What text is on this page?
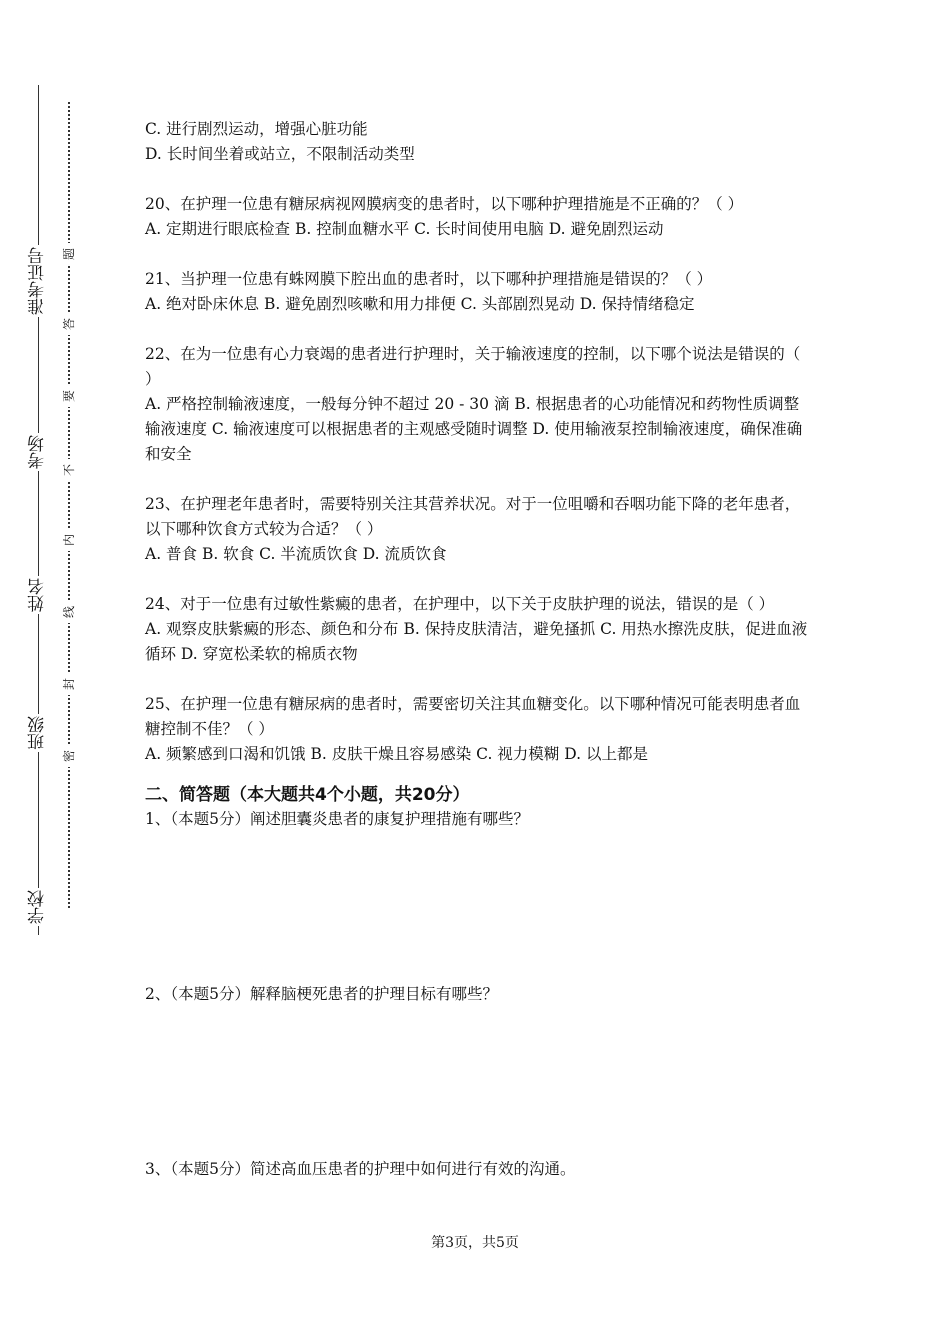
准考证号
考场
姓名
班级
学校
题
答
要
不
内
线
封
密
C. 进行剧烈运动，增强心脏功能
D. 长时间坐着或站立，不限制活动类型

20、在护理一位患有糖尿病视网膜病变的患者时，以下哪种护理措施是不正确的？（ ）

A. 定期进行眼底检查 B. 控制血糖水平 C. 长时间使用电脑 D. 避免剧烈运动

21、当护理一位患有蛛网膜下腔出血的患者时，以下哪种护理措施是错误的？（ ）

A. 绝对卧床休息 B. 避免剧烈咳嗽和用力排便 C. 头部剧烈晃动 D. 保持情绪稳定

22、在为一位患有心力衰竭的患者进行护理时，关于输液速度的控制，以下哪个说法是错误的（ ）

A. 严格控制输液速度，一般每分钟不超过 20 - 30 滴 B. 根据患者的心功能情况和药物性质调整输液速度 C. 输液速度可以根据患者的主观感受随时调整 D. 使用输液泵控制输液速度，确保准确和安全

23、在护理老年患者时，需要特别关注其营养状况。对于一位咀嚼和吞咽功能下降的老年患者，以下哪种饮食方式较为合适？（ ）

A. 普食 B. 软食 C. 半流质饮食 D. 流质饮食

24、对于一位患有过敏性紫癜的患者，在护理中，以下关于皮肤护理的说法，错误的是（ ）

A. 观察皮肤紫癜的形态、颜色和分布 B. 保持皮肤清洁，避免搔抓 C. 用热水擦洗皮肤，促进血液循环 D. 穿宽松柔软的棉质衣物

25、在护理一位患有糖尿病的患者时，需要密切关注其血糖变化。以下哪种情况可能表明患者血糖控制不佳？（ ）

A. 频繁感到口渴和饥饿 B. 皮肤干燥且容易感染 C. 视力模糊 D. 以上都是

二、简答题（本大题共4个小题，共20分）

1、（本题5分）阐述胆囊炎患者的康复护理措施有哪些？

2、（本题5分）解释脑梗死患者的护理目标有哪些？

3、（本题5分）简述高血压患者的护理中如何进行有效的沟通。

第3页，共5页
